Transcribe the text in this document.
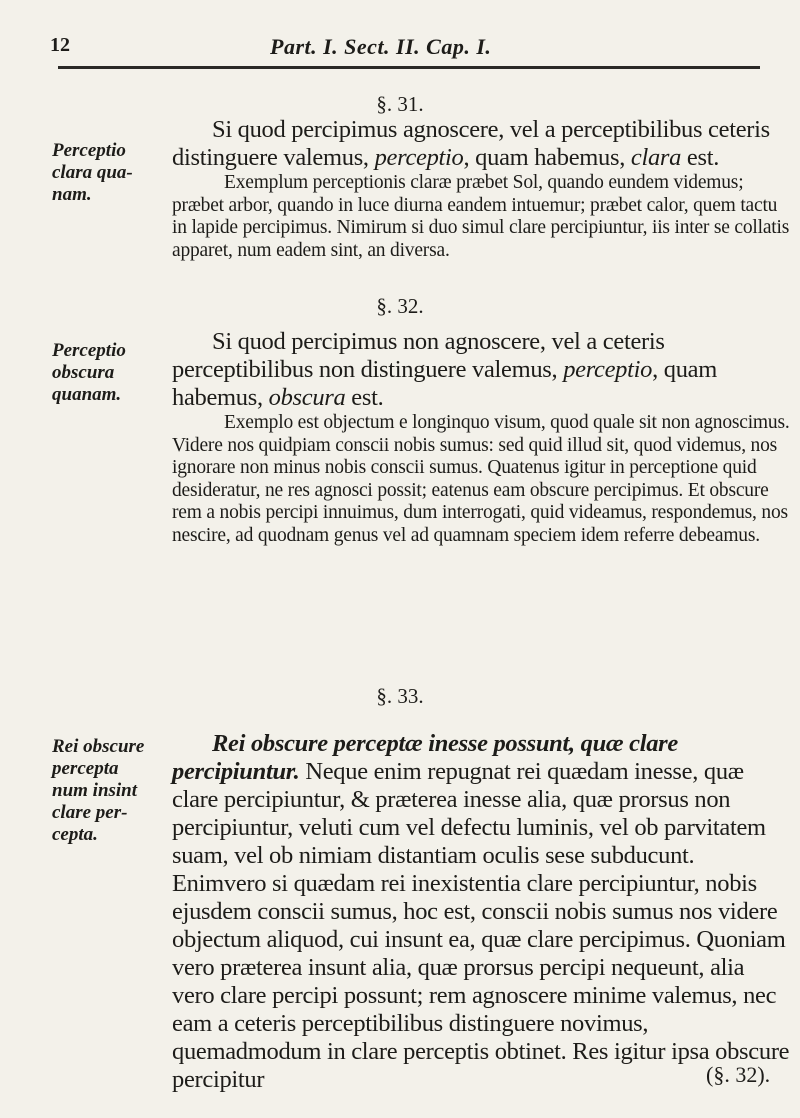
12	Part. I. Sect. II. Cap. I.
§. 31.
Perceptio
clara qua-
nam.

Si quod percipimus agnoscere, vel a perceptibilibus ceteris distinguere valemus, perceptio, quam habemus, clara est.

Exemplum perceptionis claræ præbet Sol, quando eundem videmus; præbet arbor, quando in luce diurna eandem intuemur; præbet calor, quem tactu in lapide percipimus. Nimirum si duo simul clare percipiuntur, iis inter se collatis apparet, num eadem sint, an diversa.

§. 32.
Perceptio
obscura
quanam.

Si quod percipimus non agnoscere, vel a ceteris perceptibilibus non distinguere valemus, perceptio, quam habemus, obscura est.

Exemplo est objectum e longinquo visum, quod quale sit non agnoscimus. Videre nos quidpiam conscii nobis sumus: sed quid illud sit, quod videmus, nos ignorare non minus nobis conscii sumus. Quatenus igitur in perceptione quid desideratur, ne res agnosci possit; eatenus eam obscure percipimus. Et obscure rem a nobis percipi innuimus, dum interrogati, quid videamus, respondemus, nos nescire, ad quodnam genus vel ad quamnam speciem idem referre debeamus.

§. 33.
Rei obscure
percepta
num insint
clare per-
cepta.

Rei obscure perceptæ inesse possunt, quæ clare percipiuntur. Neque enim repugnat rei quædam inesse, quæ clare percipiuntur, & præterea inesse alia, quæ prorsus non percipiuntur, veluti cum vel defectu luminis, vel ob parvitatem suam, vel ob nimiam distantiam oculis sese subducunt. Enimvero si quædam rei inexistentia clare percipiuntur, nobis ejusdem conscii sumus, hoc est, conscii nobis sumus nos videre objectum aliquod, cui insunt ea, quæ clare percipimus. Quoniam vero præterea insunt alia, quæ prorsus percipi nequeunt, alia vero clare percipi possunt; rem agnoscere minime valemus, nec eam a ceteris perceptibilibus distinguere novimus, quemadmodum in clare perceptis obtinet. Res igitur ipsa obscure percipitur	(§. 32).
